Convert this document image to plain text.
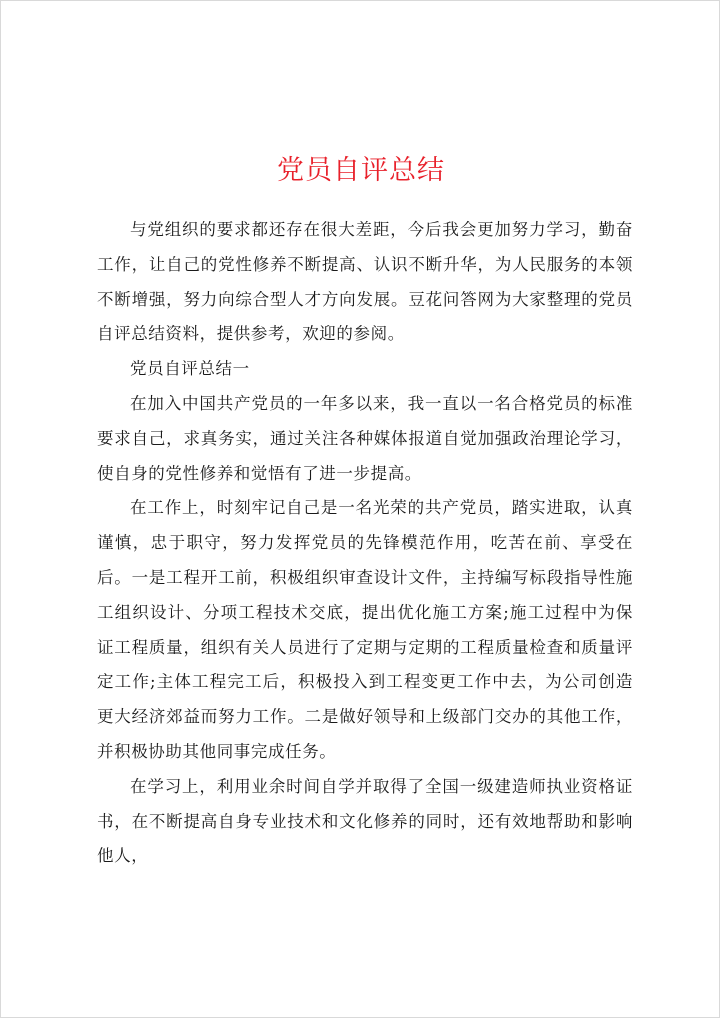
党员自评总结

与党组织的要求都还存在很大差距，今后我会更加努力学习，勤奋工作，让自己的党性修养不断提高、认识不断升华，为人民服务的本领不断增强，努力向综合型人才方向发展。豆花问答网为大家整理的党员自评总结资料，提供参考，欢迎的参阅。

党员自评总结一

在加入中国共产党员的一年多以来，我一直以一名合格党员的标准要求自己，求真务实，通过关注各种媒体报道自觉加强政治理论学习，使自身的党性修养和觉悟有了进一步提高。

在工作上，时刻牢记自己是一名光荣的共产党员，踏实进取，认真谨慎，忠于职守，努力发挥党员的先锋模范作用，吃苦在前、享受在后。一是工程开工前，积极组织审查设计文件，主持编写标段指导性施工组织设计、分项工程技术交底，提出优化施工方案;施工过程中为保证工程质量，组织有关人员进行了定期与定期的工程质量检查和质量评定工作;主体工程完工后，积极投入到工程变更工作中去，为公司创造更大经济郊益而努力工作。二是做好领导和上级部门交办的其他工作，并积极协助其他同事完成任务。

在学习上，利用业余时间自学并取得了全国一级建造师执业资格证书，在不断提高自身专业技术和文化修养的同时，还有效地帮助和影响他人，
